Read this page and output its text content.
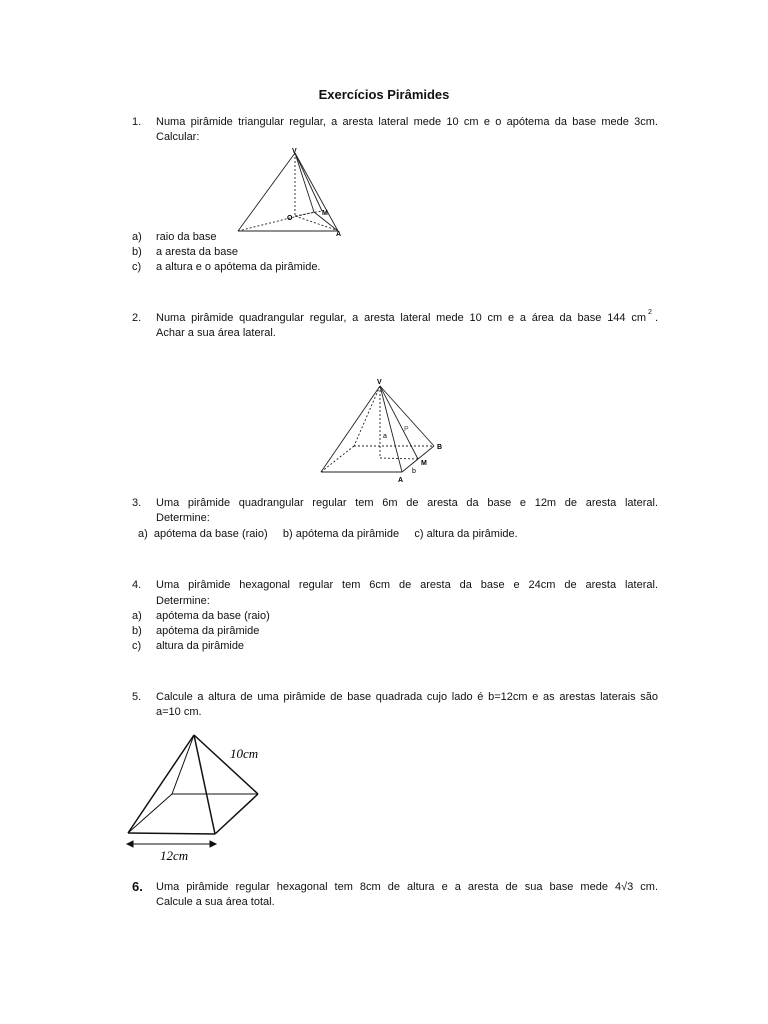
Exercícios Pirâmides
1. Numa pirâmide triangular regular, a aresta lateral mede 10 cm e o apótema da base mede 3cm.
Calcular:
V
O
M
A
a) raio da base
b) a aresta da base
c) a altura e o apótema da pirâmide.
2. Numa pirâmide quadrangular regular, a aresta lateral mede 10 cm e a área da base 144 cm 2 .
Achar a sua área lateral.
V
B
A
M
a
b
P
3. Uma pirâmide quadrangular regular tem 6m de aresta da base e 12m de aresta lateral.
Determine:
a)  apótema da base (raio)     b) apótema da pirâmide     c) altura da pirâmide.
4. Uma pirâmide hexagonal regular tem 6cm de aresta da base e 24cm de aresta lateral.
Determine:
a) apótema da base (raio)
b) apótema da pirâmide
c) altura da pirâmide
5. Calcule a altura de uma pirâmide de base quadrada cujo lado é b=12cm e as arestas laterais são
a=10 cm.
10cm
12cm
6. Uma pirâmide regular hexagonal tem 8cm de altura e a aresta de sua base mede 4√3 cm.
Calcule a sua área total.
